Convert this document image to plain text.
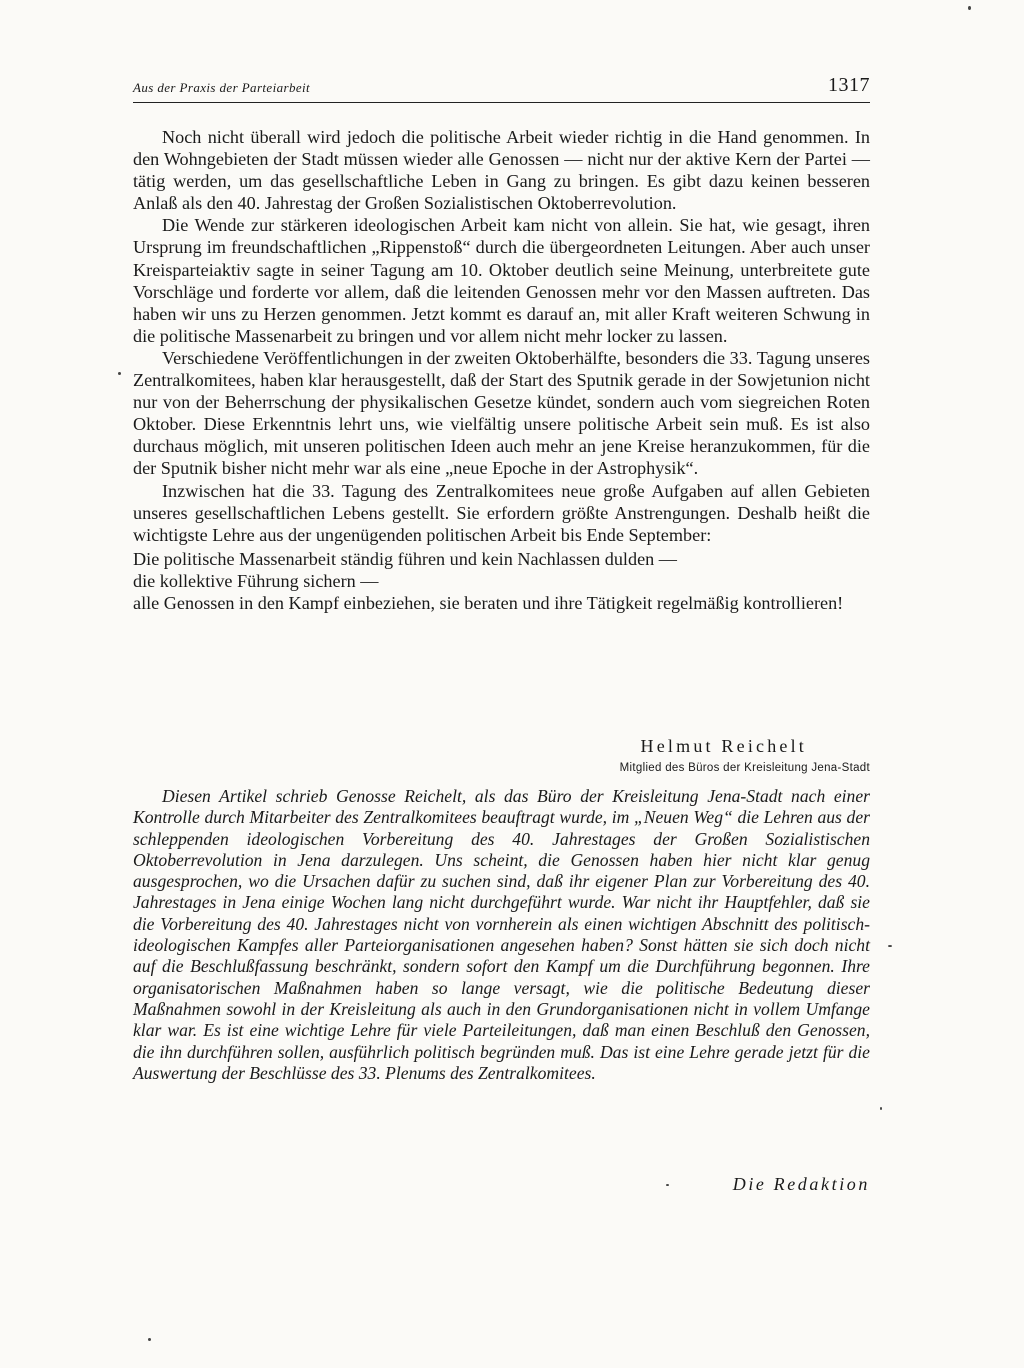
Aus der Praxis der Parteiarbeit	1317

Noch nicht überall wird jedoch die politische Arbeit wieder richtig in die Hand genommen. In den Wohngebieten der Stadt müssen wieder alle Genossen — nicht nur der aktive Kern der Partei — tätig werden, um das gesellschaftliche Leben in Gang zu bringen. Es gibt dazu keinen besseren Anlaß als den 40. Jahrestag der Großen Sozialistischen Oktoberrevolution.

Die Wende zur stärkeren ideologischen Arbeit kam nicht von allein. Sie hat, wie gesagt, ihren Ursprung im freundschaftlichen „Rippenstoß“ durch die übergeordneten Leitungen. Aber auch unser Kreisparteiaktiv sagte in seiner Tagung am 10. Oktober deutlich seine Meinung, unterbreitete gute Vorschläge und forderte vor allem, daß die leitenden Genossen mehr vor den Massen auftreten. Das haben wir uns zu Herzen genommen. Jetzt kommt es darauf an, mit aller Kraft weiteren Schwung in die politische Massenarbeit zu bringen und vor allem nicht mehr locker zu lassen.

Verschiedene Veröffentlichungen in der zweiten Oktoberhälfte, besonders die 33. Tagung unseres Zentralkomitees, haben klar herausgestellt, daß der Start des Sputnik gerade in der Sowjetunion nicht nur von der Beherrschung der physikalischen Gesetze kündet, sondern auch vom siegreichen Roten Oktober. Diese Erkenntnis lehrt uns, wie vielfältig unsere politische Arbeit sein muß. Es ist also durchaus möglich, mit unseren politischen Ideen auch mehr an jene Kreise heranzukommen, für die der Sputnik bisher nicht mehr war als eine „neue Epoche in der Astrophysik“.

Inzwischen hat die 33. Tagung des Zentralkomitees neue große Aufgaben auf allen Gebieten unseres gesellschaftlichen Lebens gestellt. Sie erfordern größte Anstrengungen. Deshalb heißt die wichtigste Lehre aus der ungenügenden politischen Arbeit bis Ende September:

Die politische Massenarbeit ständig führen und kein Nachlassen dulden —
die kollektive Führung sichern —
alle Genossen in den Kampf einbeziehen, sie beraten und ihre Tätigkeit regelmäßig kontrollieren!
Helmut Reichelt
Mitglied des Büros der Kreisleitung Jena-Stadt

Diesen Artikel schrieb Genosse Reichelt, als das Büro der Kreisleitung Jena-Stadt nach einer Kontrolle durch Mitarbeiter des Zentralkomitees beauftragt wurde, im „Neuen Weg“ die Lehren aus der schleppenden ideologischen Vorbereitung des 40. Jahrestages der Großen Sozialistischen Oktoberrevolution in Jena darzulegen. Uns scheint, die Genossen haben hier nicht klar genug ausgesprochen, wo die Ursachen dafür zu suchen sind, daß ihr eigener Plan zur Vorbereitung des 40. Jahrestages in Jena einige Wochen lang nicht durchgeführt wurde. War nicht ihr Hauptfehler, daß sie die Vorbereitung des 40. Jahrestages nicht von vornherein als einen wichtigen Abschnitt des politisch-ideologischen Kampfes aller Parteiorganisationen angesehen haben? Sonst hätten sie sich doch nicht auf die Beschlußfassung beschränkt, sondern sofort den Kampf um die Durchführung begonnen. Ihre organisatorischen Maßnahmen haben so lange versagt, wie die politische Bedeutung dieser Maßnahmen sowohl in der Kreisleitung als auch in den Grundorganisationen nicht in vollem Umfange klar war. Es ist eine wichtige Lehre für viele Parteileitungen, daß man einen Beschluß den Genossen, die ihn durchführen sollen, ausführlich politisch begründen muß. Das ist eine Lehre gerade jetzt für die Auswertung der Beschlüsse des 33. Plenums des Zentralkomitees.

Die Redaktion
